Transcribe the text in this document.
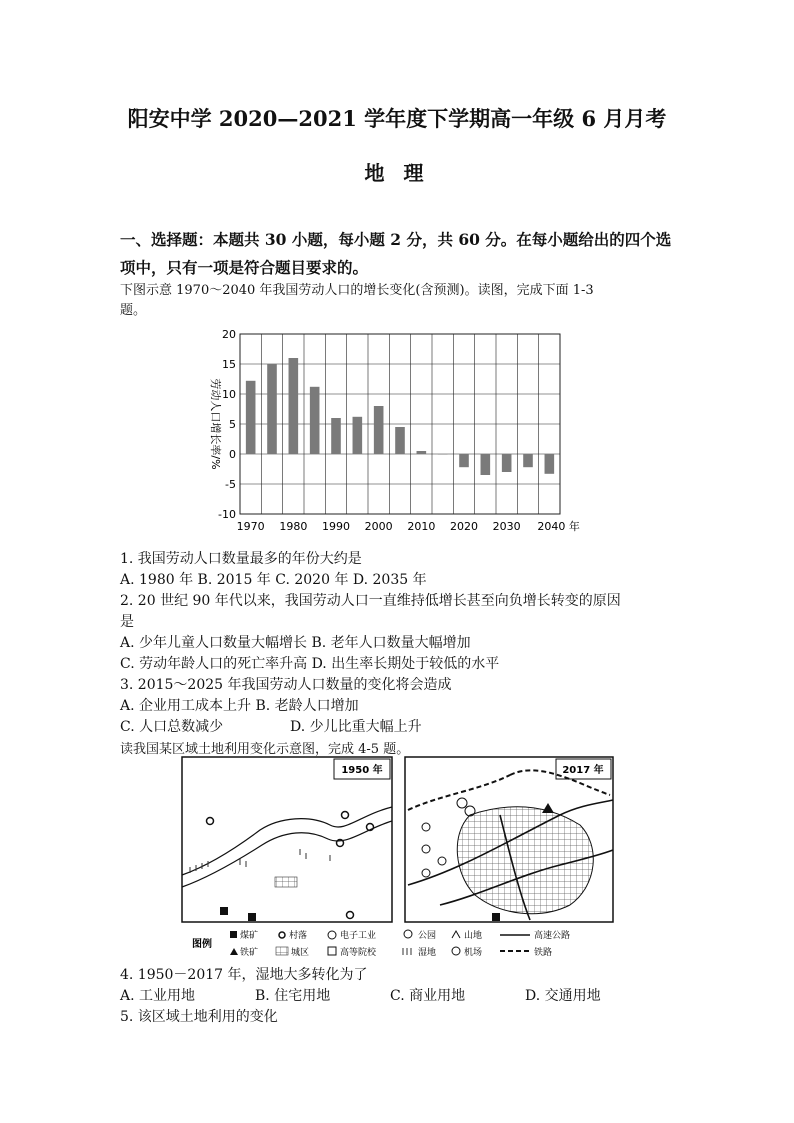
阳安中学 2020—2021 学年度下学期高一年级 6 月月考
地 理
一、选择题：本题共 30 小题，每小题 2 分，共 60 分。在每小题给出的四个选
项中，只有一项是符合题目要求的。
下图示意 1970～2040 年我国劳动人口的增长变化(含预测)。读图，完成下面 1-3
题。
20
15
10
5
0
-5
-10
1970 1980 1990 2000 2010 2020 2030 2040 年
劳动人口增长率/%
1. 我国劳动人口数量最多的年份大约是
A. 1980 年 B. 2015 年 C. 2020 年 D. 2035 年
2. 20 世纪 90 年代以来，我国劳动人口一直维持低增长甚至向负增长转变的原因
是
A. 少年儿童人口数量大幅增长 B. 老年人口数量大幅增加
C. 劳动年龄人口的死亡率升高 D. 出生率长期处于较低的水平
3. 2015～2025 年我国劳动人口数量的变化将会造成
A. 企业用工成本上升 B. 老龄人口增加
C. 人口总数减少	D. 少儿比重大幅上升
读我国某区域土地利用变化示意图，完成 4-5 题。
1950 年	2017 年
图例
煤矿	村落	电子工业	公园	山地	高速公路
铁矿	城区	高等院校	湿地	机场	铁路
4. 1950－2017 年，湿地大多转化为了
A. 工业用地	B. 住宅用地	C. 商业用地	D. 交通用地
5. 该区域土地利用的变化
